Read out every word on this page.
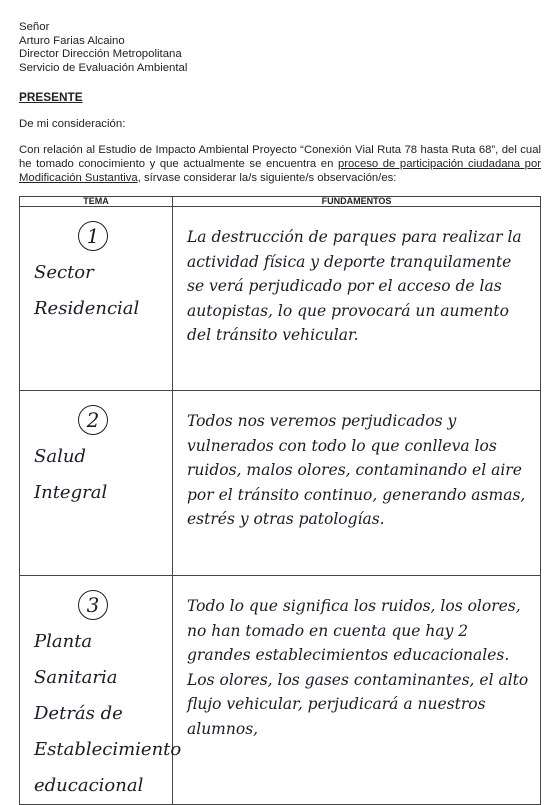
Señor
Arturo Farias Alcaino
Director Dirección Metropolitana
Servicio de Evaluación Ambiental
PRESENTE
De mi consideración:
Con relación al Estudio de Impacto Ambiental Proyecto “Conexión Vial Ruta 78 hasta Ruta 68”, del cual he tomado conocimiento y que actualmente se encuentra en proceso de participación ciudadana por Modificación Sustantiva, sírvase considerar la/s siguiente/s observación/es:
TEMA	FUNDAMENTOS

1
Sector Residencial	La destrucción de parques para realizar la actividad física y deporte tranquilamente se verá perjudicado por el acceso de las autopistas, lo que provocará un aumento del tránsito vehicular.

2
Salud Integral	Todos nos veremos perjudicados y vulnerados con todo lo que conlleva los ruidos, malos olores, contaminando el aire por el tránsito continuo, generando asmas, estrés y otras patologías.

3
Planta Sanitaria Detrás de Establecimiento educacional	Todo lo que significa los ruidos, los olores, no han tomado en cuenta que hay 2 grandes establecimientos educacionales. Los olores, los gases contaminantes, el alto flujo vehicular, perjudicará a nuestros alumnos,
